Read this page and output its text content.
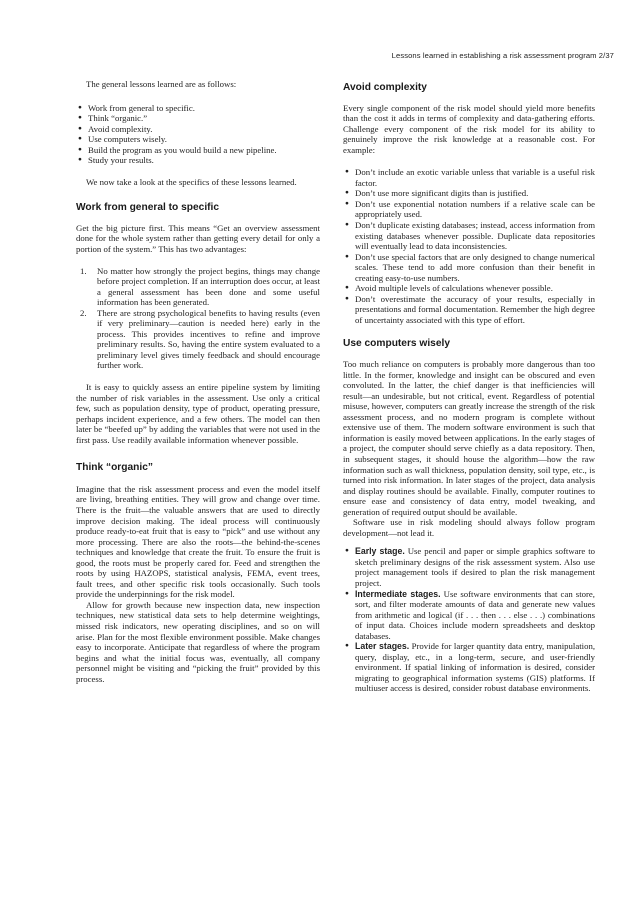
Lessons learned in establishing a risk assessment program 2/37

The general lessons learned are as follows:

● Work from general to specific.
● Think “organic.”
● Avoid complexity.
● Use computers wisely.
● Build the program as you would build a new pipeline.
● Study your results.

We now take a look at the specifics of these lessons learned.

Work from general to specific

Get the big picture first. This means “Get an overview assessment done for the whole system rather than getting every detail for only a portion of the system.” This has two advantages:

1. No matter how strongly the project begins, things may change before project completion. If an interruption does occur, at least a general assessment has been done and some useful information has been generated.
2. There are strong psychological benefits to having results (even if very preliminary—caution is needed here) early in the process. This provides incentives to refine and improve preliminary results. So, having the entire system evaluated to a preliminary level gives timely feedback and should encourage further work.

It is easy to quickly assess an entire pipeline system by limiting the number of risk variables in the assessment. Use only a critical few, such as population density, type of product, operating pressure, perhaps incident experience, and a few others. The model can then later be “beefed up” by adding the variables that were not used in the first pass. Use readily available information whenever possible.

Think “organic”

Imagine that the risk assessment process and even the model itself are living, breathing entities. They will grow and change over time. There is the fruit—the valuable answers that are used to directly improve decision making. The ideal process will continuously produce ready-to-eat fruit that is easy to “pick” and use without any more processing. There are also the roots—the behind-the-scenes techniques and knowledge that create the fruit. To ensure the fruit is good, the roots must be properly cared for. Feed and strengthen the roots by using HAZOPS, statistical analysis, FEMA, event trees, fault trees, and other specific risk tools occasionally. Such tools provide the underpinnings for the risk model.

Allow for growth because new inspection data, new inspection techniques, new statistical data sets to help determine weightings, missed risk indicators, new operating disciplines, and so on will arise. Plan for the most flexible environment possible. Make changes easy to incorporate. Anticipate that regardless of where the program begins and what the initial focus was, eventually, all company personnel might be visiting and “picking the fruit” provided by this process.

Avoid complexity

Every single component of the risk model should yield more benefits than the cost it adds in terms of complexity and data-gathering efforts. Challenge every component of the risk model for its ability to genuinely improve the risk knowledge at a reasonable cost. For example:

● Don’t include an exotic variable unless that variable is a useful risk factor.
● Don’t use more significant digits than is justified.
● Don’t use exponential notation numbers if a relative scale can be appropriately used.
● Don’t duplicate existing databases; instead, access information from existing databases whenever possible. Duplicate data repositories will eventually lead to data inconsistencies.
● Don’t use special factors that are only designed to change numerical scales. These tend to add more confusion than their benefit in creating easy-to-use numbers.
● Avoid multiple levels of calculations whenever possible.
● Don’t overestimate the accuracy of your results, especially in presentations and formal documentation. Remember the high degree of uncertainty associated with this type of effort.
Use computers wisely

Too much reliance on computers is probably more dangerous than too little. In the former, knowledge and insight can be obscured and even convoluted. In the latter, the chief danger is that inefficiencies will result—an undesirable, but not critical, event. Regardless of potential misuse, however, computers can greatly increase the strength of the risk assessment process, and no modern program is complete without extensive use of them. The modern software environment is such that information is easily moved between applications. In the early stages of a project, the computer should serve chiefly as a data repository. Then, in subsequent stages, it should house the algorithm—how the raw information such as wall thickness, population density, soil type, etc., is turned into risk information. In later stages of the project, data analysis and display routines should be available. Finally, computer routines to ensure ease and consistency of data entry, model tweaking, and generation of required output should be available.

Software use in risk modeling should always follow program development—not lead it.

● Early stage. Use pencil and paper or simple graphics software to sketch preliminary designs of the risk assessment system. Also use project management tools if desired to plan the risk management project.
● Intermediate stages. Use software environments that can store, sort, and filter moderate amounts of data and generate new values from arithmetic and logical (if . . . then . . . else . . .) combinations of input data. Choices include modern spreadsheets and desktop databases.
● Later stages. Provide for larger quantity data entry, manipulation, query, display, etc., in a long-term, secure, and user-friendly environment. If spatial linking of information is desired, consider migrating to geographical information systems (GIS) platforms. If multiuser access is desired, consider robust database environments.
